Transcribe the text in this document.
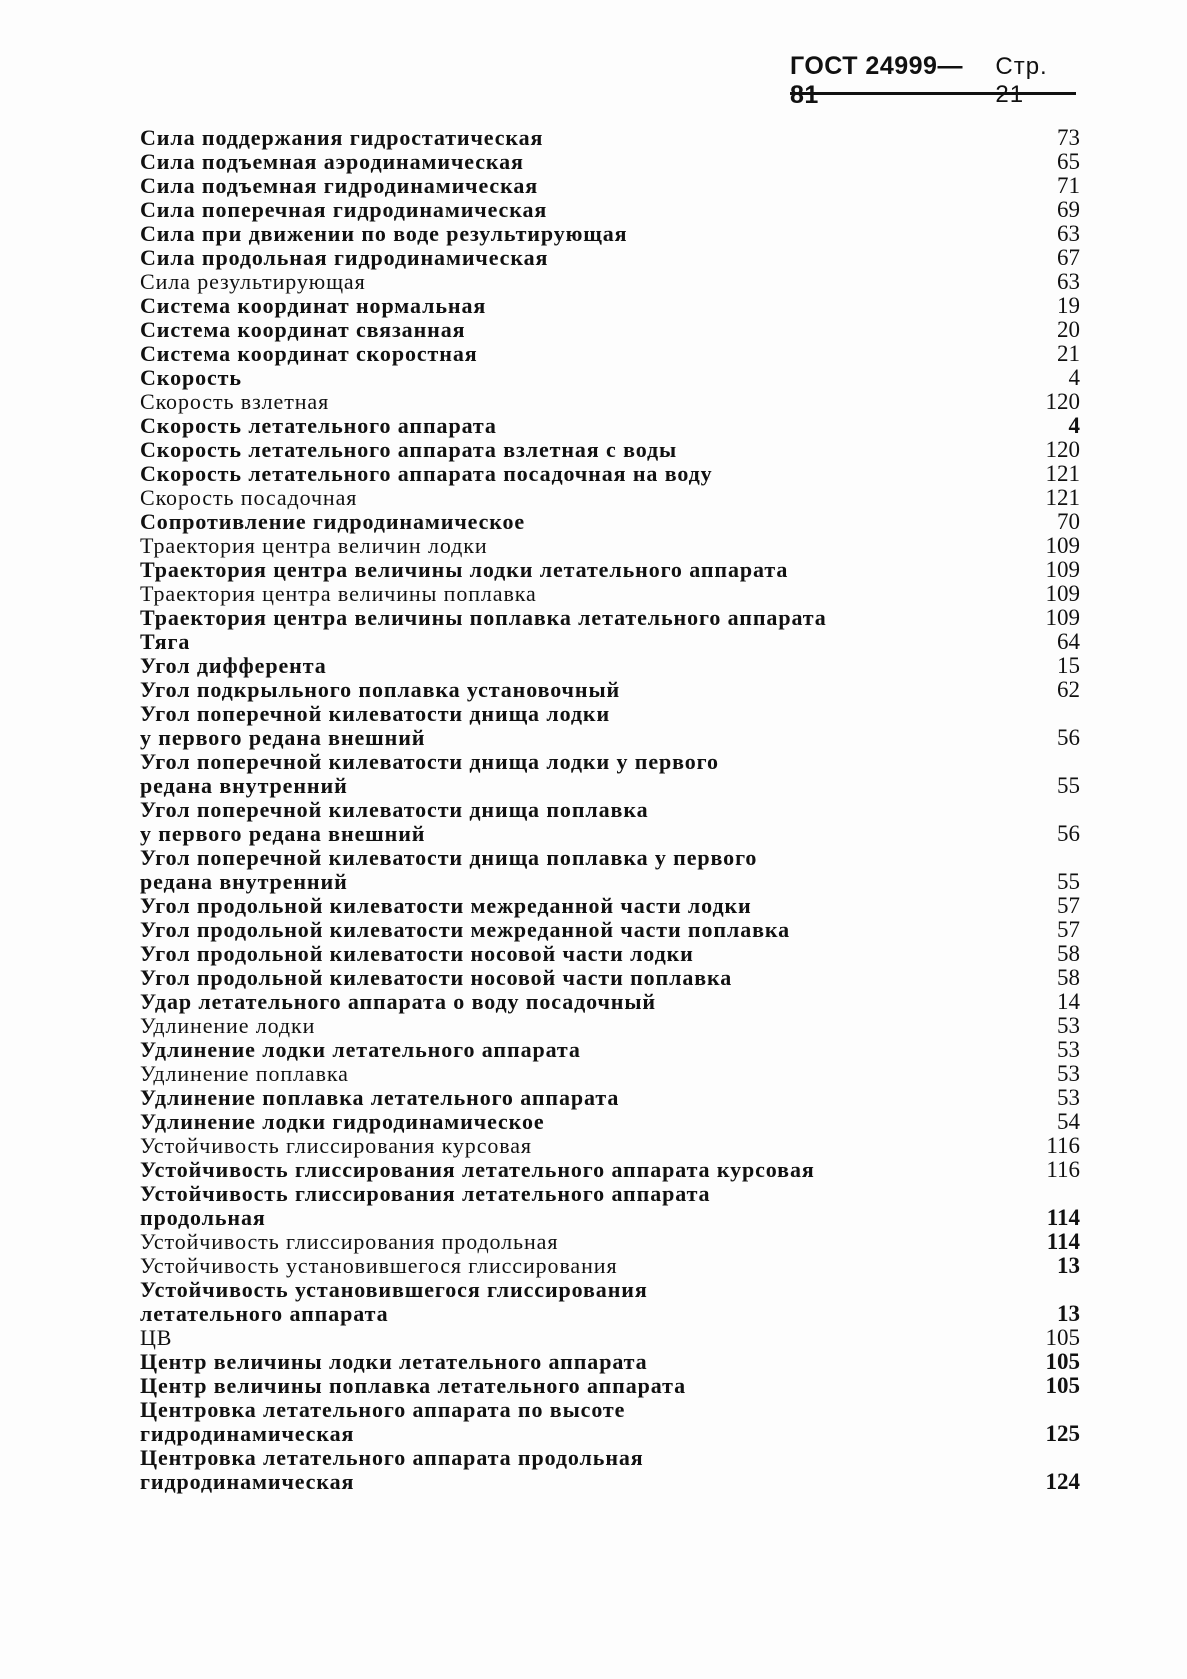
ГОСТ 24999—81
Стр. 21
Сила поддержания гидростатическая	73
Сила подъемная аэродинамическая	65
Сила подъемная гидродинамическая	71
Сила поперечная гидродинамическая	69
Сила при движении по воде результирующая	63
Сила продольная гидродинамическая	67
Сила результирующая	63
Система координат нормальная	19
Система координат связанная	20
Система координат скоростная	21
Скорость	4
Скорость взлетная	120
Скорость летательного аппарата	4
Скорость летательного аппарата взлетная с воды	120
Скорость летательного аппарата посадочная на воду	121
Скорость посадочная	121
Сопротивление гидродинамическое	70
Траектория центра величин лодки	109
Траектория центра величины лодки летательного аппарата	109
Траектория центра величины поплавка	109
Траектория центра величины поплавка летательного аппарата	109
Тяга	64
Угол дифферента	15
Угол подкрыльного поплавка установочный	62
Угол поперечной килеватости днища лодки
у первого редана внешний	56
Угол поперечной килеватости днища лодки у первого
редана внутренний	55
Угол поперечной килеватости днища поплавка
у первого редана внешний	56
Угол поперечной килеватости днища поплавка у первого
редана внутренний	55
Угол продольной килеватости межреданной части лодки	57
Угол продольной килеватости межреданной части поплавка	57
Угол продольной килеватости носовой части лодки	58
Угол продольной килеватости носовой части поплавка	58
Удар летательного аппарата о воду посадочный	14
Удлинение лодки	53
Удлинение лодки летательного аппарата	53
Удлинение поплавка	53
Удлинение поплавка летательного аппарата	53
Удлинение лодки гидродинамическое	54
Устойчивость глиссирования курсовая	116
Устойчивость глиссирования летательного аппарата курсовая	116
Устойчивость глиссирования летательного аппарата
продольная	114
Устойчивость глиссирования продольная	114
Устойчивость установившегося глиссирования	13
Устойчивость установившегося глиссирования
летательного аппарата	13
ЦВ	105
Центр величины лодки летательного аппарата	105
Центр величины поплавка летательного аппарата	105
Центровка летательного аппарата по высоте
гидродинамическая	125
Центровка летательного аппарата продольная
гидродинамическая	124
